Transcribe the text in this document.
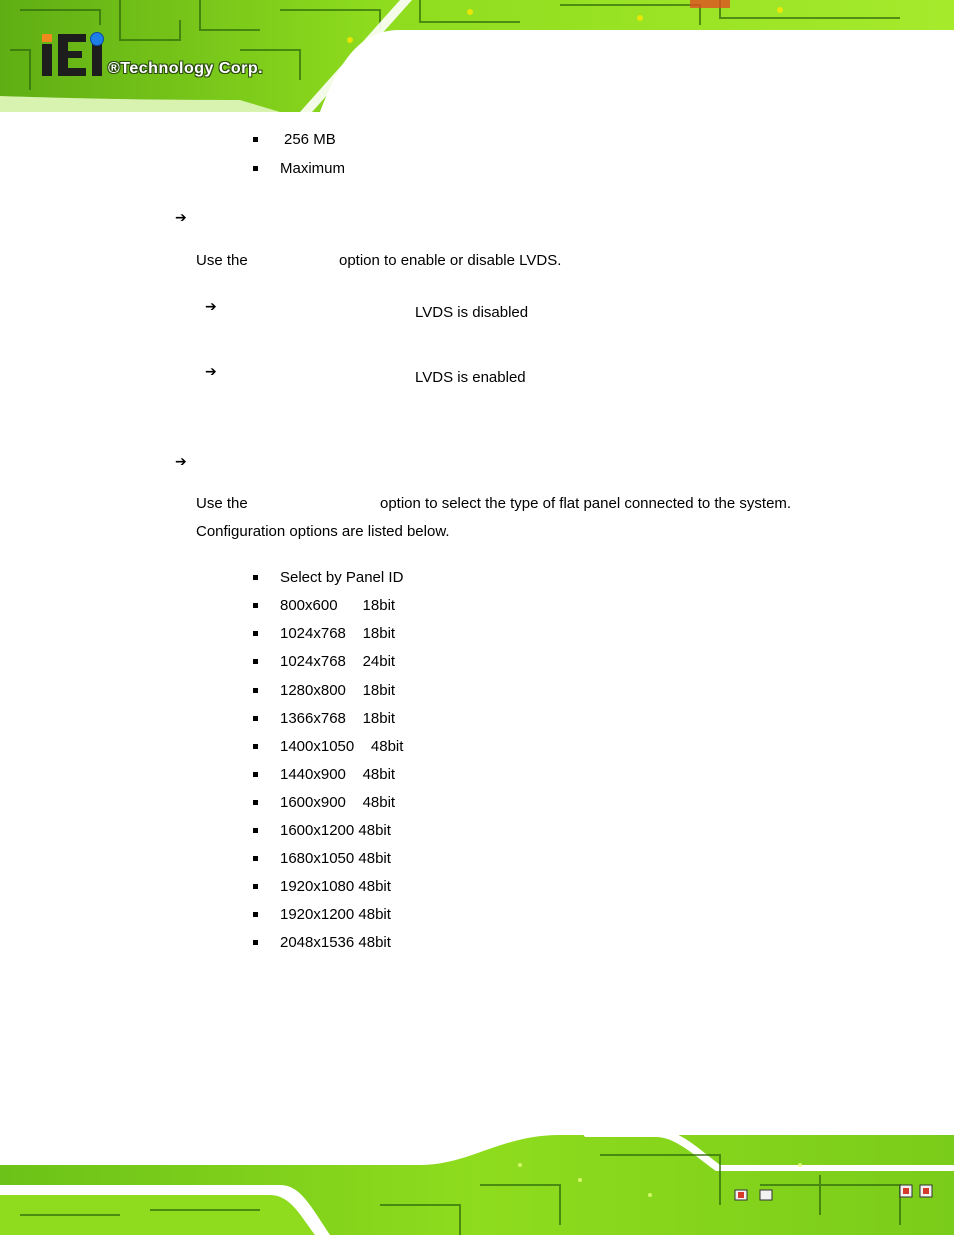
®Technology Corp.
256 MB
Maximum
➔
Use the	option to enable or disable LVDS.
➔	LVDS is disabled
➔	LVDS is enabled
➔
Use the	option to select the type of flat panel connected to the system.
Configuration options are listed below.
Select by Panel ID
800x600      18bit
1024x768    18bit
1024x768    24bit
1280x800    18bit
1366x768    18bit
1400x1050    48bit
1440x900    48bit
1600x900    48bit
1600x1200 48bit
1680x1050 48bit
1920x1080 48bit
1920x1200 48bit
2048x1536 48bit
